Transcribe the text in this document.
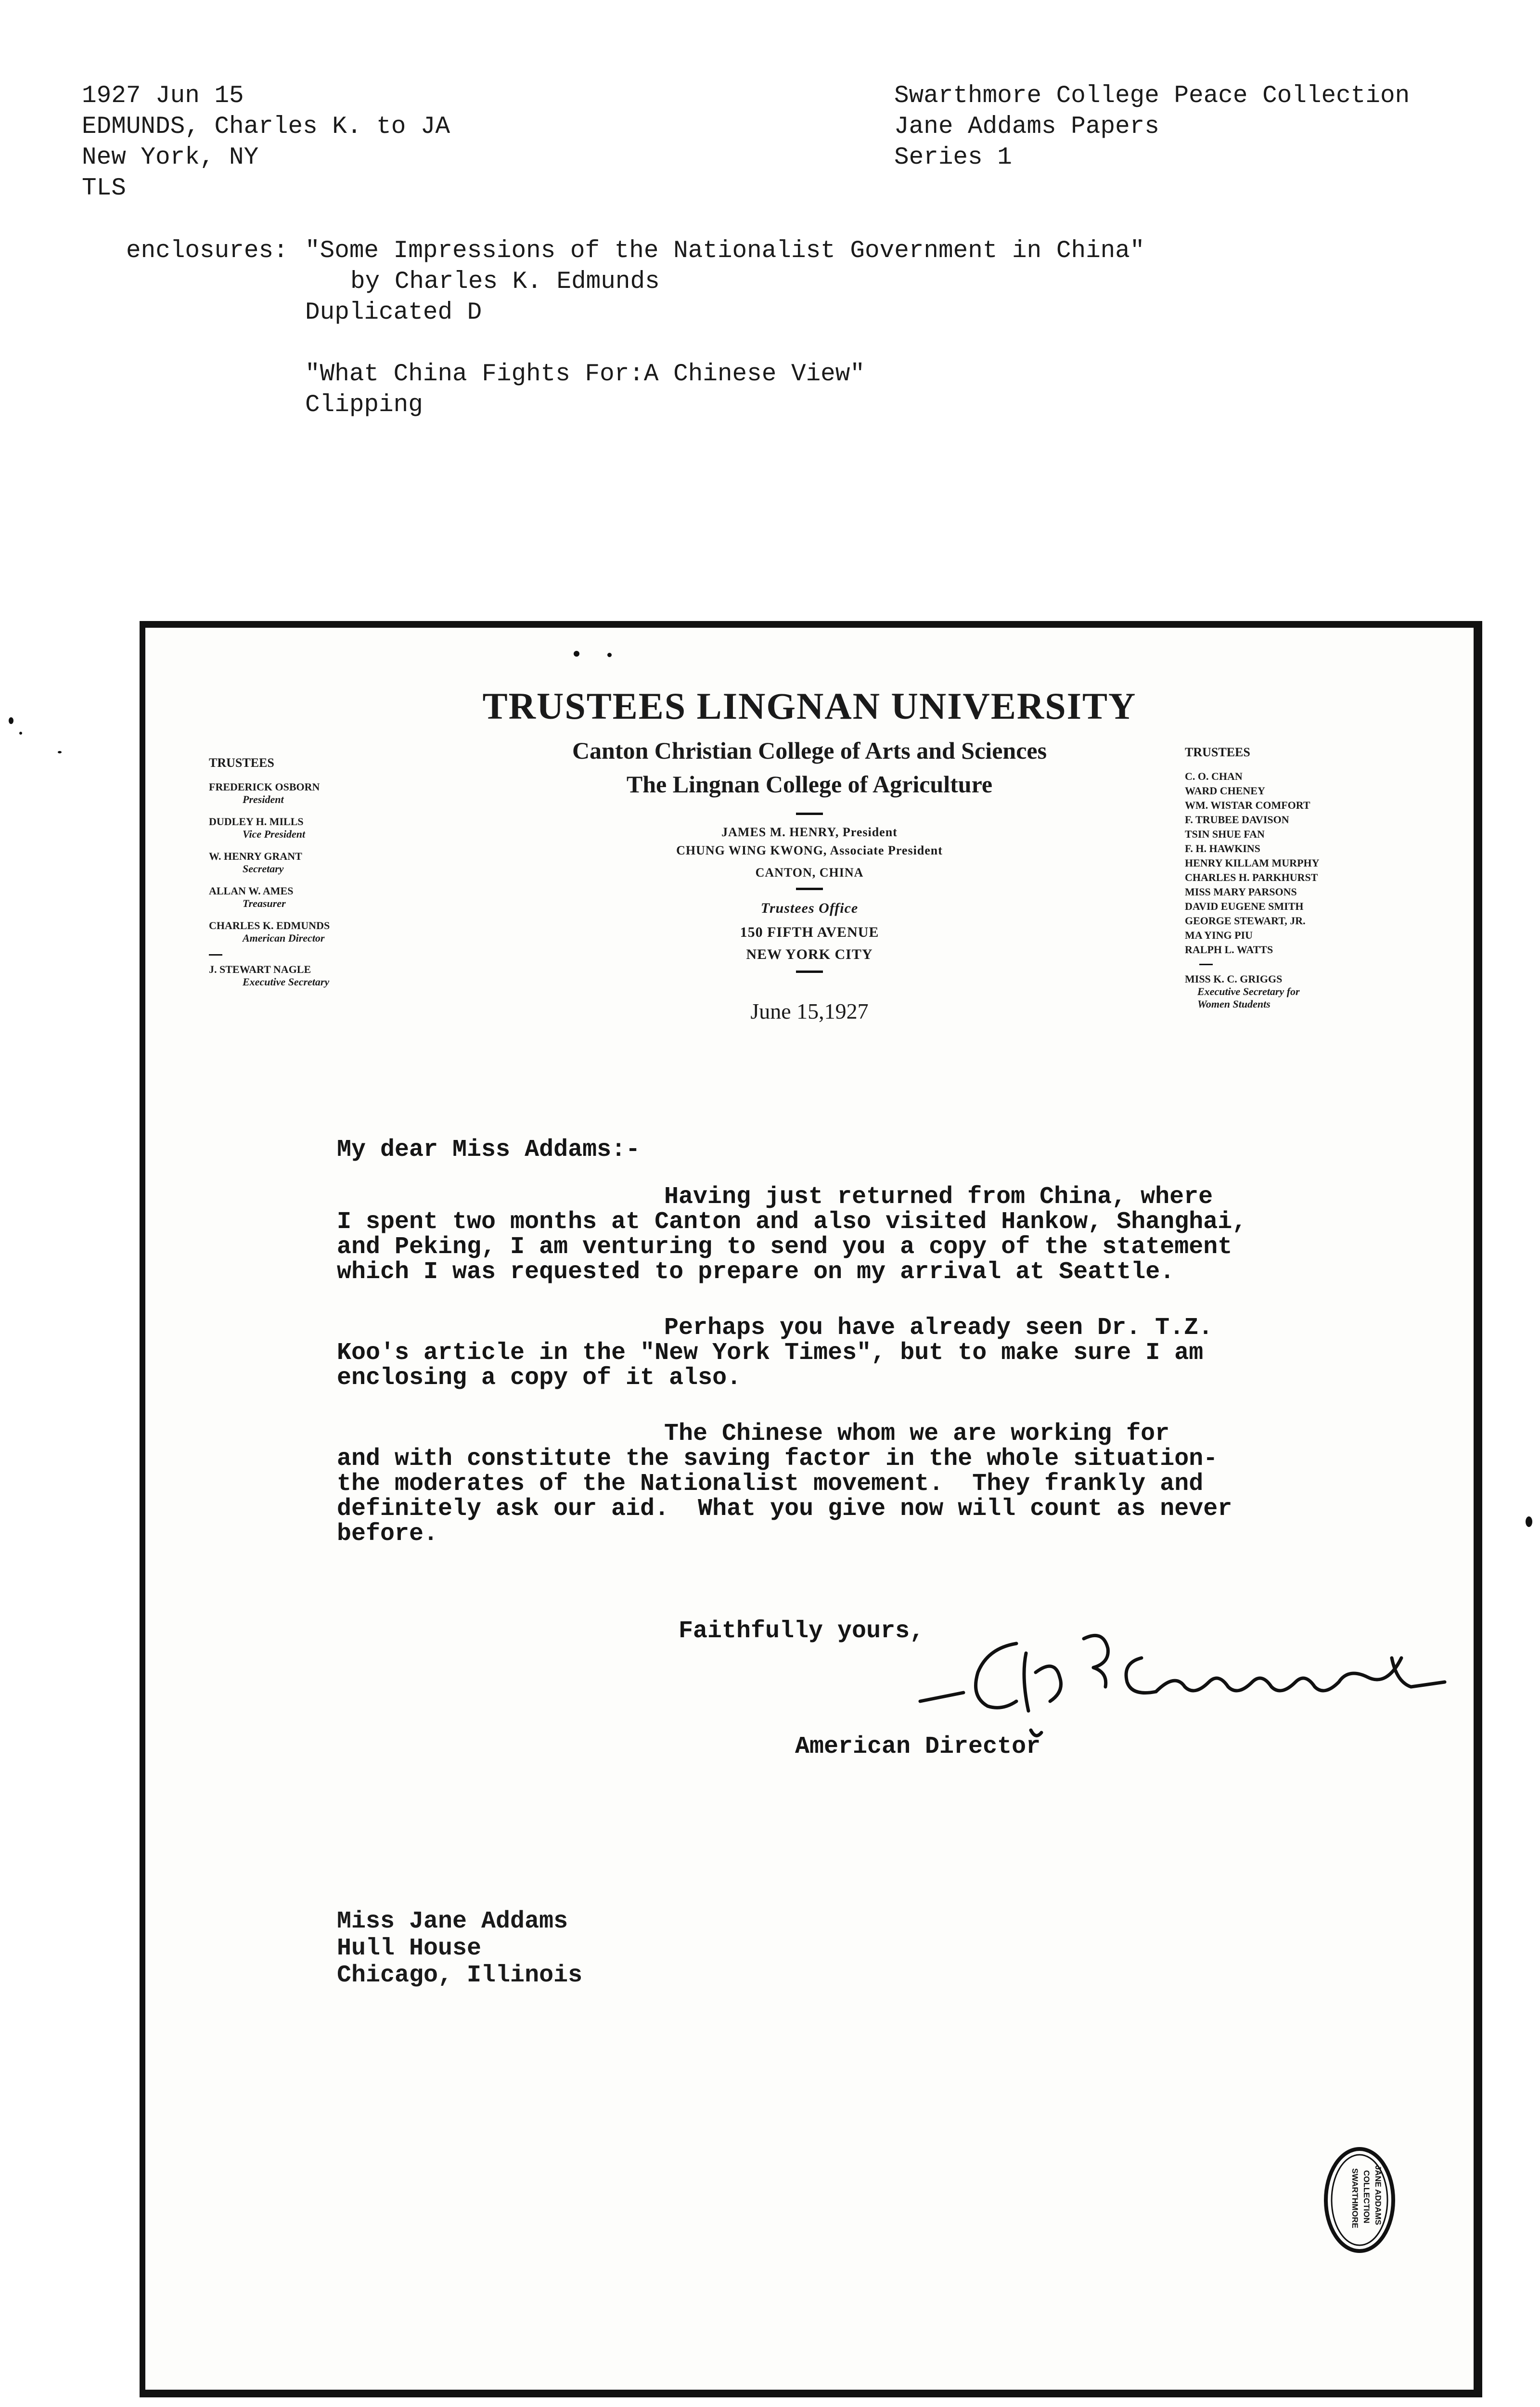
1927 Jun 15
EDMUNDS, Charles K. to JA
New York, NY
TLS
Swarthmore College Peace Collection
Jane Addams Papers
Series 1

enclosures:

"Some Impressions of the Nationalist Government in China"

by Charles K. Edmunds

Duplicated D

"What China Fights For:A Chinese View"

Clipping

TRUSTEES LINGNAN UNIVERSITY
Canton Christian College of Arts and Sciences
The Lingnan College of Agriculture
JAMES M. HENRY, President
CHUNG WING KWONG, Associate President
CANTON, CHINA
Trustees Office
150 FIFTH AVENUE
NEW YORK CITY
June 15,1927
TRUSTEES
FREDERICK OSBORN
President
DUDLEY H. MILLS
Vice President
W. HENRY GRANT
Secretary
ALLAN W. AMES
Treasurer
CHARLES K. EDMUNDS
American Director
J. STEWART NAGLE
Executive Secretary
TRUSTEES
C. O. CHAN
WARD CHENEY
WM. WISTAR COMFORT
F. TRUBEE DAVISON
TSIN SHUE FAN
F. H. HAWKINS
HENRY KILLAM MURPHY
CHARLES H. PARKHURST
MISS MARY PARSONS
DAVID EUGENE SMITH
GEORGE STEWART, JR.
MA YING PIU
RALPH L. WATTS
MISS K. C. GRIGGS
Executive Secretary for
Women Students
My dear Miss Addams:-
Having just returned from China, where
I spent two months at Canton and also visited Hankow, Shanghai,
and Peking, I am venturing to send you a copy of the statement
which I was requested to prepare on my arrival at Seattle.
Perhaps you have already seen Dr. T.Z.
Koo's article in the "New York Times", but to make sure I am
enclosing a copy of it also.
The Chinese whom we are working for
and with constitute the saving factor in the whole situation-
the moderates of the Nationalist movement.  They frankly and
definitely ask our aid.  What you give now will count as never
before.
Faithfully yours,
American Director
Miss Jane Addams
Hull House
Chicago, Illinois
JANE ADDAMS
COLLECTION
SWARTHMORE
